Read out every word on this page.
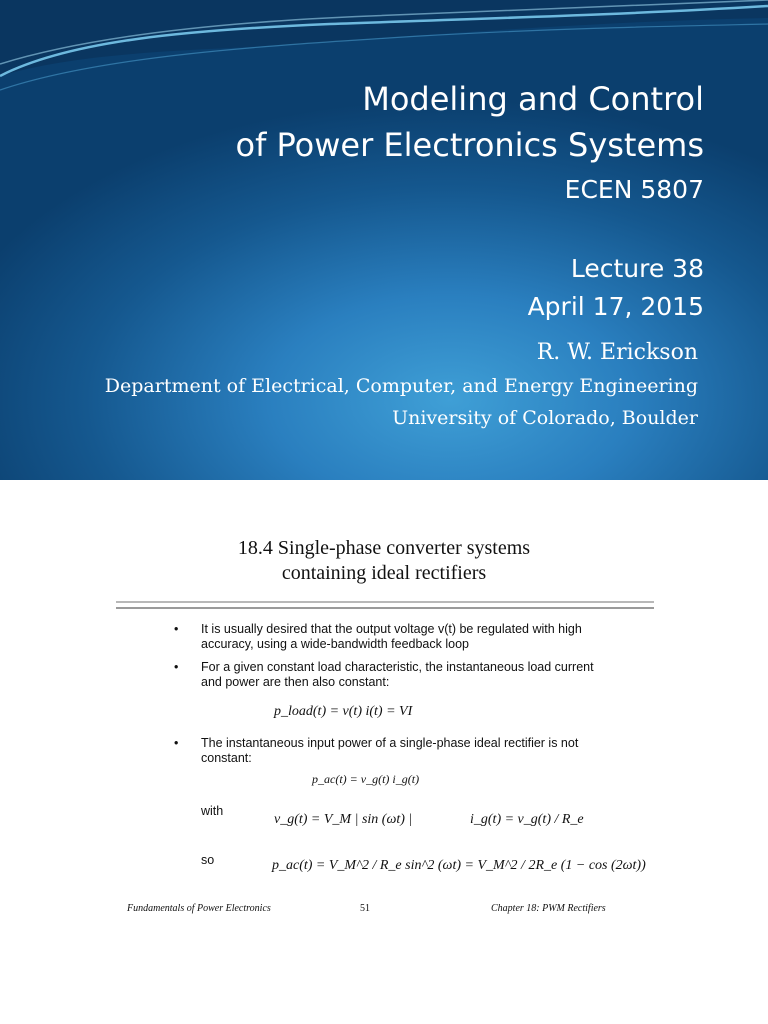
Modeling and Control
of Power Electronics Systems
ECEN 5807
Lecture 38
April 17, 2015
R. W. Erickson
Department of Electrical, Computer, and Energy Engineering
University of Colorado, Boulder
18.4 Single-phase converter systems
containing ideal rectifiers
• It is usually desired that the output voltage v(t) be regulated with high accuracy, using a wide-bandwidth feedback loop
• For a given constant load characteristic, the instantaneous load current and power are then also constant:
p_load(t) = v(t) i(t) = VI
• The instantaneous input power of a single-phase ideal rectifier is not constant:
p_ac(t) = v_g(t) i_g(t)
with
v_g(t) = V_M | sin (ωt) |	i_g(t) = v_g(t) / R_e
so	p_ac(t) = V_M^2 / R_e sin^2 (ωt) = V_M^2 / 2R_e (1 − cos (2ωt))
Fundamentals of Power Electronics	51	Chapter 18: PWM Rectifiers
